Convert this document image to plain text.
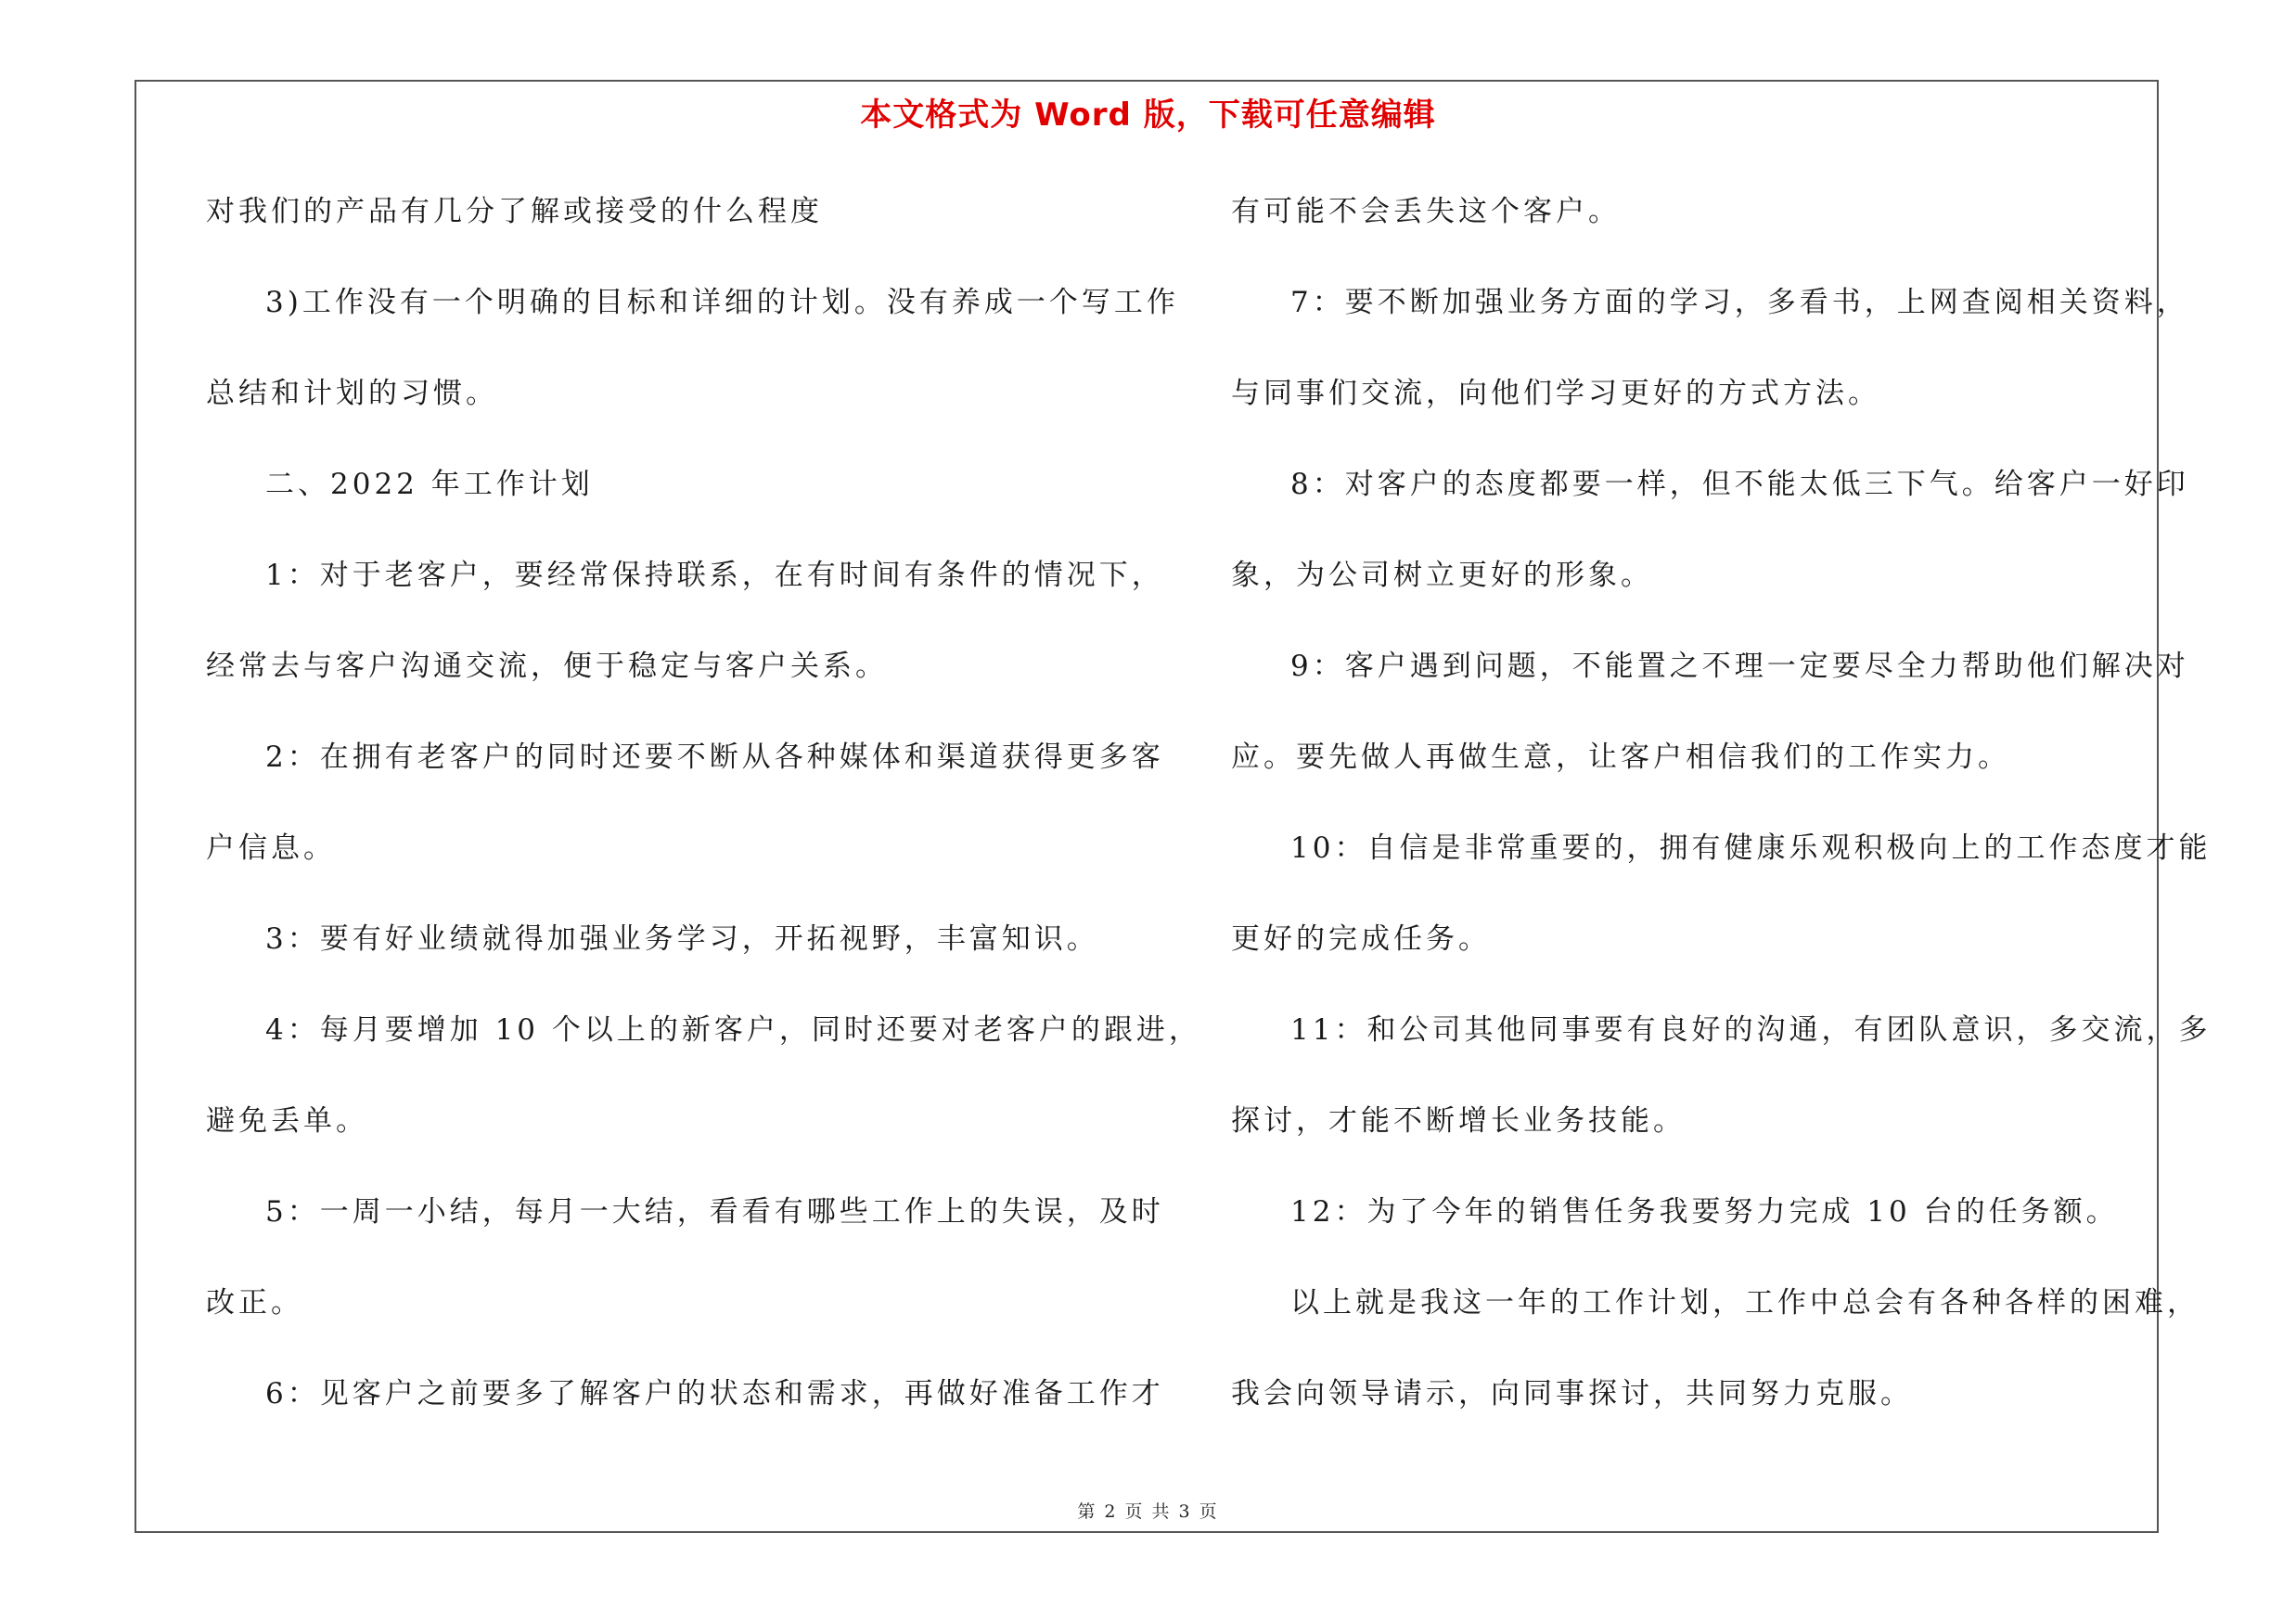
本文格式为 Word 版，下载可任意编辑
对我们的产品有几分了解或接受的什么程度
3)工作没有一个明确的目标和详细的计划。没有养成一个写工作
总结和计划的习惯。
二、2022 年工作计划
1：对于老客户，要经常保持联系，在有时间有条件的情况下，
经常去与客户沟通交流，便于稳定与客户关系。
2：在拥有老客户的同时还要不断从各种媒体和渠道获得更多客
户信息。
3：要有好业绩就得加强业务学习，开拓视野，丰富知识。
4：每月要增加 10 个以上的新客户，同时还要对老客户的跟进，
避免丢单。
5：一周一小结，每月一大结，看看有哪些工作上的失误，及时
改正。
6：见客户之前要多了解客户的状态和需求，再做好准备工作才
有可能不会丢失这个客户。
7：要不断加强业务方面的学习，多看书，上网查阅相关资料，
与同事们交流，向他们学习更好的方式方法。
8：对客户的态度都要一样，但不能太低三下气。给客户一好印
象，为公司树立更好的形象。
9：客户遇到问题，不能置之不理一定要尽全力帮助他们解决对
应。要先做人再做生意，让客户相信我们的工作实力。
10：自信是非常重要的，拥有健康乐观积极向上的工作态度才能
更好的完成任务。
11：和公司其他同事要有良好的沟通，有团队意识，多交流，多
探讨，才能不断增长业务技能。
12：为了今年的销售任务我要努力完成 10 台的任务额。
以上就是我这一年的工作计划，工作中总会有各种各样的困难，
我会向领导请示，向同事探讨，共同努力克服。
第 2 页 共 3 页
